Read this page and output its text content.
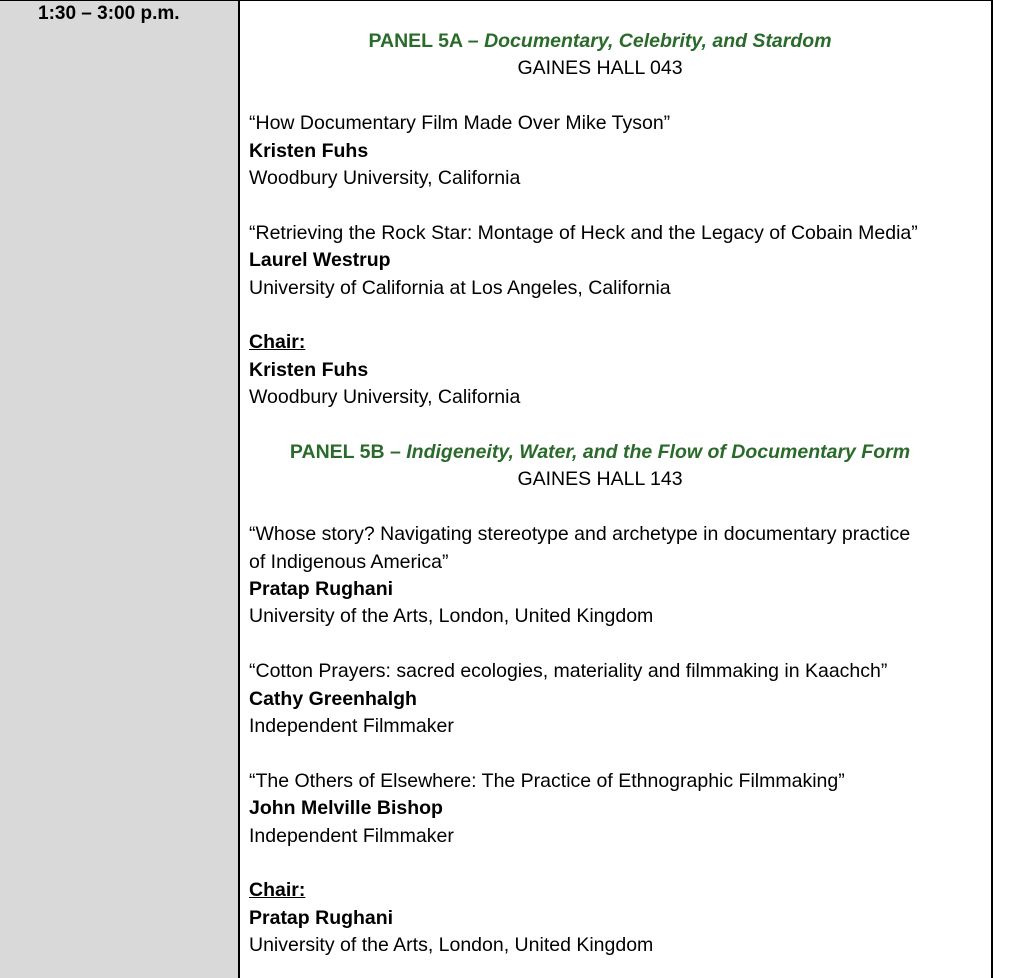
1:30 – 3:00 p.m.
PANEL 5A – Documentary, Celebrity, and Stardom
GAINES HALL 043
“How Documentary Film Made Over Mike Tyson”
Kristen Fuhs
Woodbury University, California
“Retrieving the Rock Star: Montage of Heck and the Legacy of Cobain Media”
Laurel Westrup
University of California at Los Angeles, California
Chair:
Kristen Fuhs
Woodbury University, California
PANEL 5B – Indigeneity, Water, and the Flow of Documentary Form
GAINES HALL 143
“Whose story? Navigating stereotype and archetype in documentary practice
of Indigenous America”
Pratap Rughani
University of the Arts, London, United Kingdom
“Cotton Prayers: sacred ecologies, materiality and filmmaking in Kaachch”
Cathy Greenhalgh
Independent Filmmaker
“The Others of Elsewhere: The Practice of Ethnographic Filmmaking”
John Melville Bishop
Independent Filmmaker
Chair:
Pratap Rughani
University of the Arts, London, United Kingdom
